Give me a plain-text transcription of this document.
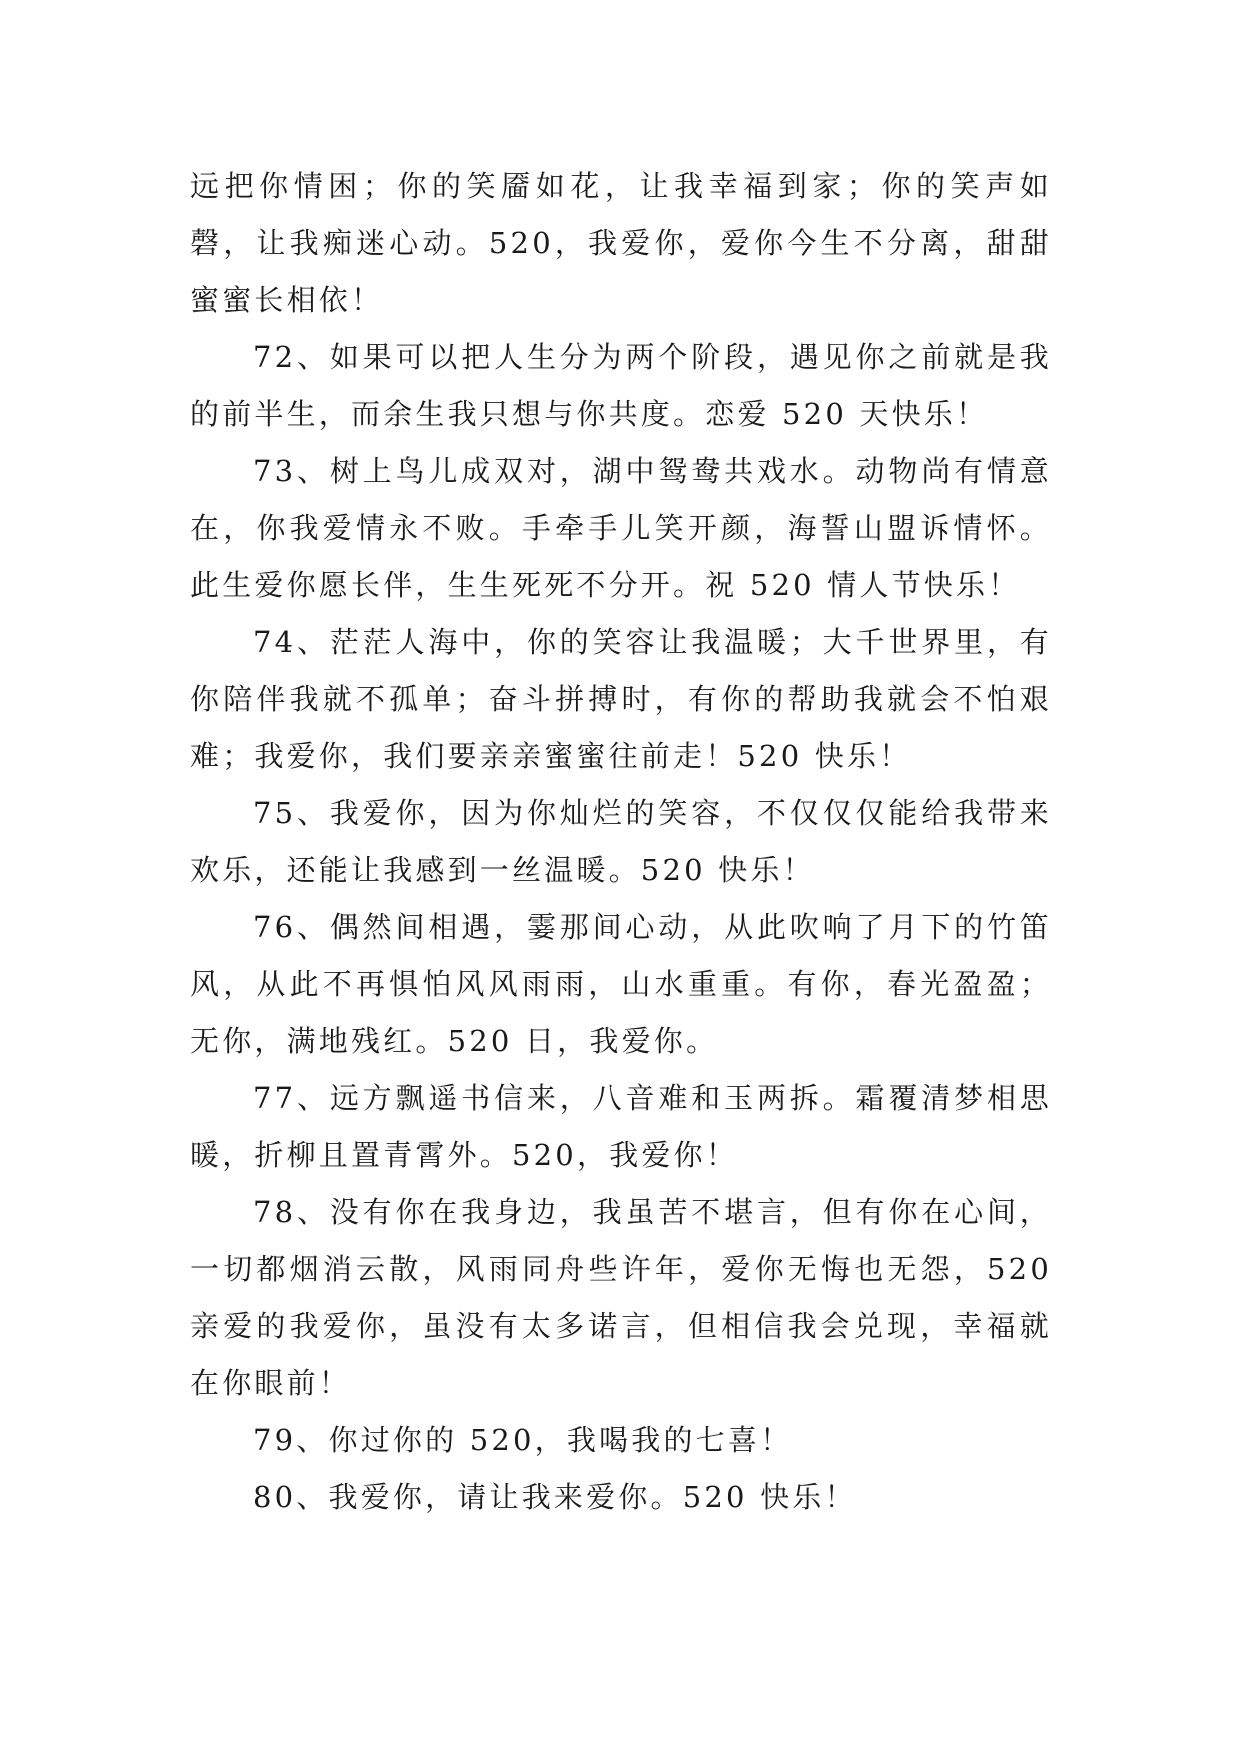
远把你情困；你的笑靥如花，让我幸福到家；你的笑声如磬，让我痴迷心动。520，我爱你，爱你今生不分离，甜甜蜜蜜长相依！

72、如果可以把人生分为两个阶段，遇见你之前就是我的前半生，而余生我只想与你共度。恋爱 520 天快乐！

73、树上鸟儿成双对，湖中鸳鸯共戏水。动物尚有情意在，你我爱情永不败。手牵手儿笑开颜，海誓山盟诉情怀。此生爱你愿长伴，生生死死不分开。祝 520 情人节快乐！

74、茫茫人海中，你的笑容让我温暖；大千世界里，有你陪伴我就不孤单；奋斗拼搏时，有你的帮助我就会不怕艰难；我爱你，我们要亲亲蜜蜜往前走！520 快乐！

75、我爱你，因为你灿烂的笑容，不仅仅仅能给我带来欢乐，还能让我感到一丝温暖。520 快乐！

76、偶然间相遇，霎那间心动，从此吹响了月下的竹笛风，从此不再惧怕风风雨雨，山水重重。有你，春光盈盈；无你，满地残红。520 日，我爱你。

77、远方飘遥书信来，八音难和玉两拆。霜覆清梦相思暖，折柳且置青霄外。520，我爱你！

78、没有你在我身边，我虽苦不堪言，但有你在心间，一切都烟消云散，风雨同舟些许年，爱你无悔也无怨，520 亲爱的我爱你，虽没有太多诺言，但相信我会兑现，幸福就在你眼前！

79、你过你的 520，我喝我的七喜！

80、我爱你，请让我来爱你。520 快乐！
